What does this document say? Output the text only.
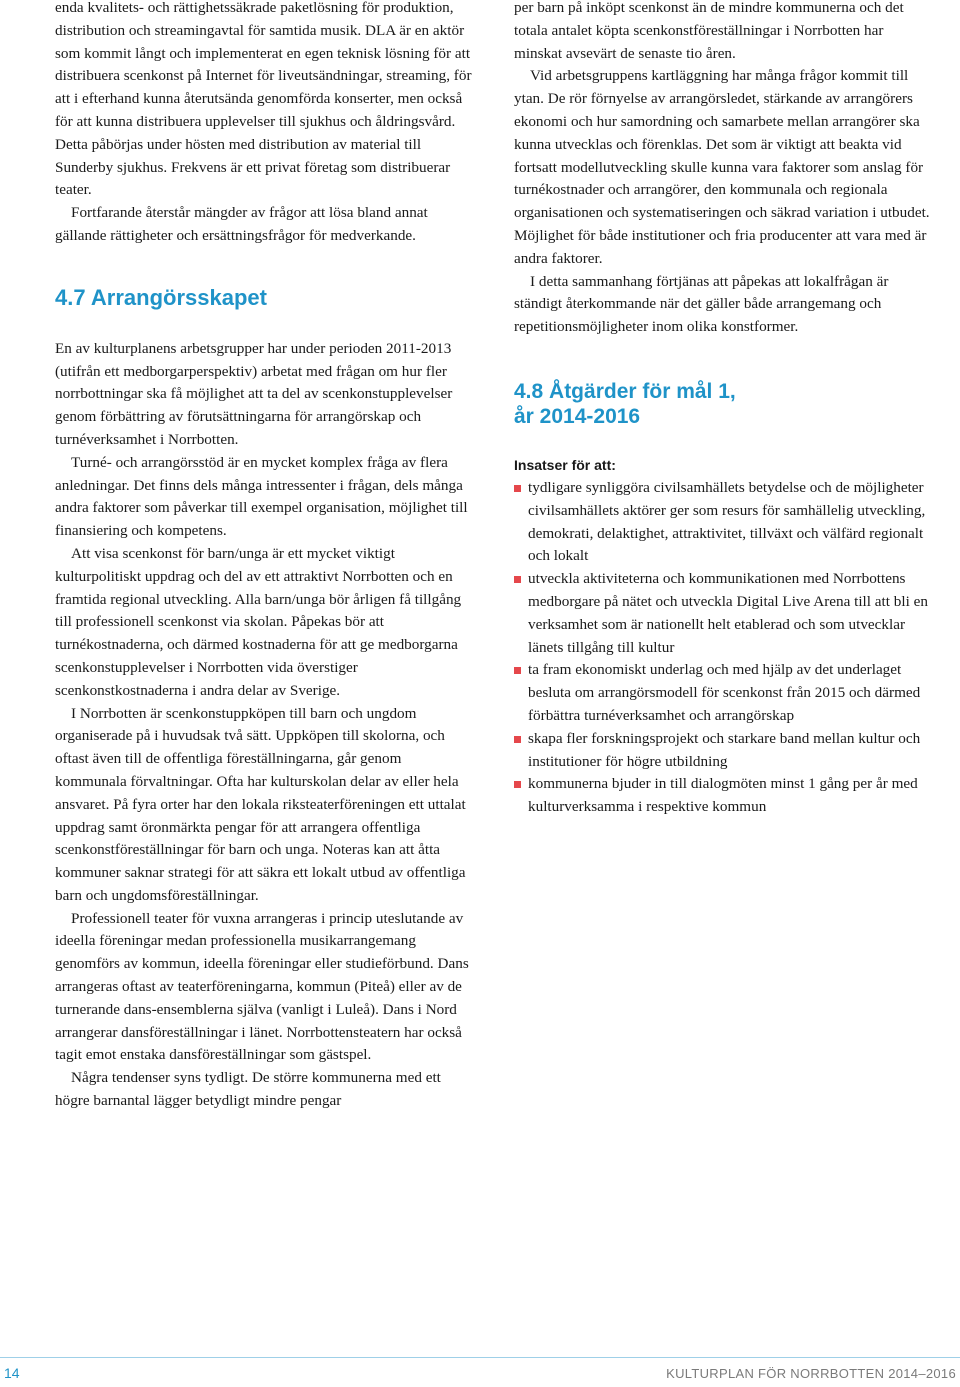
enda kvalitets- och rättighetssäkrade paketlösning för produktion, distribution och streamingavtal för samtida musik. DLA är en aktör som kommit långt och implementerat en egen teknisk lösning för att distribuera scenkonst på Internet för liveutsändningar, streaming, för att i efterhand kunna återutsända genomförda konserter, men också för att kunna distribuera upplevelser till sjukhus och åldringsvård. Detta påbörjas under hösten med distribution av material till Sunderby sjukhus. Frekvens är ett privat företag som distribuerar teater.

Fortfarande återstår mängder av frågor att lösa bland annat gällande rättigheter och ersättningsfrågor för medverkande.

4.7 Arrangörsskapet

En av kulturplanens arbetsgrupper har under perioden 2011-2013 (utifrån ett medborgarperspektiv) arbetat med frågan om hur fler norrbottningar ska få möjlighet att ta del av scenkonstupplevelser genom förbättring av förutsättningarna för arrangörskap och turnéverksamhet i Norrbotten.

Turné- och arrangörsstöd är en mycket komplex fråga av flera anledningar. Det finns dels många intressenter i frågan, dels många andra faktorer som påverkar till exempel organisation, möjlighet till finansiering och kompetens.

Att visa scenkonst för barn/unga är ett mycket viktigt kulturpolitiskt uppdrag och del av ett attraktivt Norrbotten och en framtida regional utveckling. Alla barn/unga bör årligen få tillgång till professionell scenkonst via skolan. Påpekas bör att turnékostnaderna, och därmed kostnaderna för att ge medborgarna scenkonstupplevelser i Norrbotten vida överstiger scenkonstkostnaderna i andra delar av Sverige.

I Norrbotten är scenkonstuppköpen till barn och ungdom organiserade på i huvudsak två sätt. Uppköpen till skolorna, och oftast även till de offentliga föreställningarna, går genom kommunala förvaltningar. Ofta har kulturskolan delar av eller hela ansvaret. På fyra orter har den lokala riksteaterföreningen ett uttalat uppdrag samt öronmärkta pengar för att arrangera offentliga scenkonstföreställningar för barn och unga. Noteras kan att åtta kommuner saknar strategi för att säkra ett lokalt utbud av offentliga barn och ungdomsföreställningar.

Professionell teater för vuxna arrangeras i princip uteslutande av ideella föreningar medan professionella musikarrangemang genomförs av kommun, ideella föreningar eller studieförbund. Dans arrangeras oftast av teaterföreningarna, kommun (Piteå) eller av de turnerande dans-ensemblerna själva (vanligt i Luleå). Dans i Nord arrangerar dansföreställningar i länet. Norrbottensteatern har också tagit emot enstaka dansföreställningar som gästspel.

Några tendenser syns tydligt. De större kommunerna med ett högre barnantal lägger betydligt mindre pengar

per barn på inköpt scenkonst än de mindre kommunerna och det totala antalet köpta scenkonstföreställningar i Norrbotten har minskat avsevärt de senaste tio åren.

Vid arbetsgruppens kartläggning har många frågor kommit till ytan. De rör förnyelse av arrangörsledet, stärkande av arrangörers ekonomi och hur samordning och samarbete mellan arrangörer ska kunna utvecklas och förenklas. Det som är viktigt att beakta vid fortsatt modellutveckling skulle kunna vara faktorer som anslag för turnékostnader och arrangörer, den kommunala och regionala organisationen och systematiseringen och säkrad variation i utbudet. Möjlighet för både institutioner och fria producenter att vara med är andra faktorer.

I detta sammanhang förtjänas att påpekas att lokalfrågan är ständigt återkommande när det gäller både arrangemang och repetitionsmöjligheter inom olika konstformer.

4.8 Åtgärder för mål 1,
år 2014-2016

Insatser för att:

tydligare synliggöra civilsamhällets betydelse och de möjligheter civilsamhällets aktörer ger som resurs för samhällelig utveckling, demokrati, delaktighet, attraktivitet, tillväxt och välfärd regionalt och lokalt
utveckla aktiviteterna och kommunikationen med Norrbottens medborgare på nätet och utveckla Digital Live Arena till att bli en verksamhet som är nationellt helt etablerad och som utvecklar länets tillgång till kultur
ta fram ekonomiskt underlag och med hjälp av det underlaget besluta om arrangörsmodell för scenkonst från 2015 och därmed förbättra turnéverksamhet och arrangörskap
skapa fler forskningsprojekt och starkare band mellan kultur och institutioner för högre utbildning
kommunerna bjuder in till dialogmöten minst 1 gång per år med kulturverksamma i respektive kommun
14	KULTURPLAN FÖR NORRBOTTEN 2014–2016
